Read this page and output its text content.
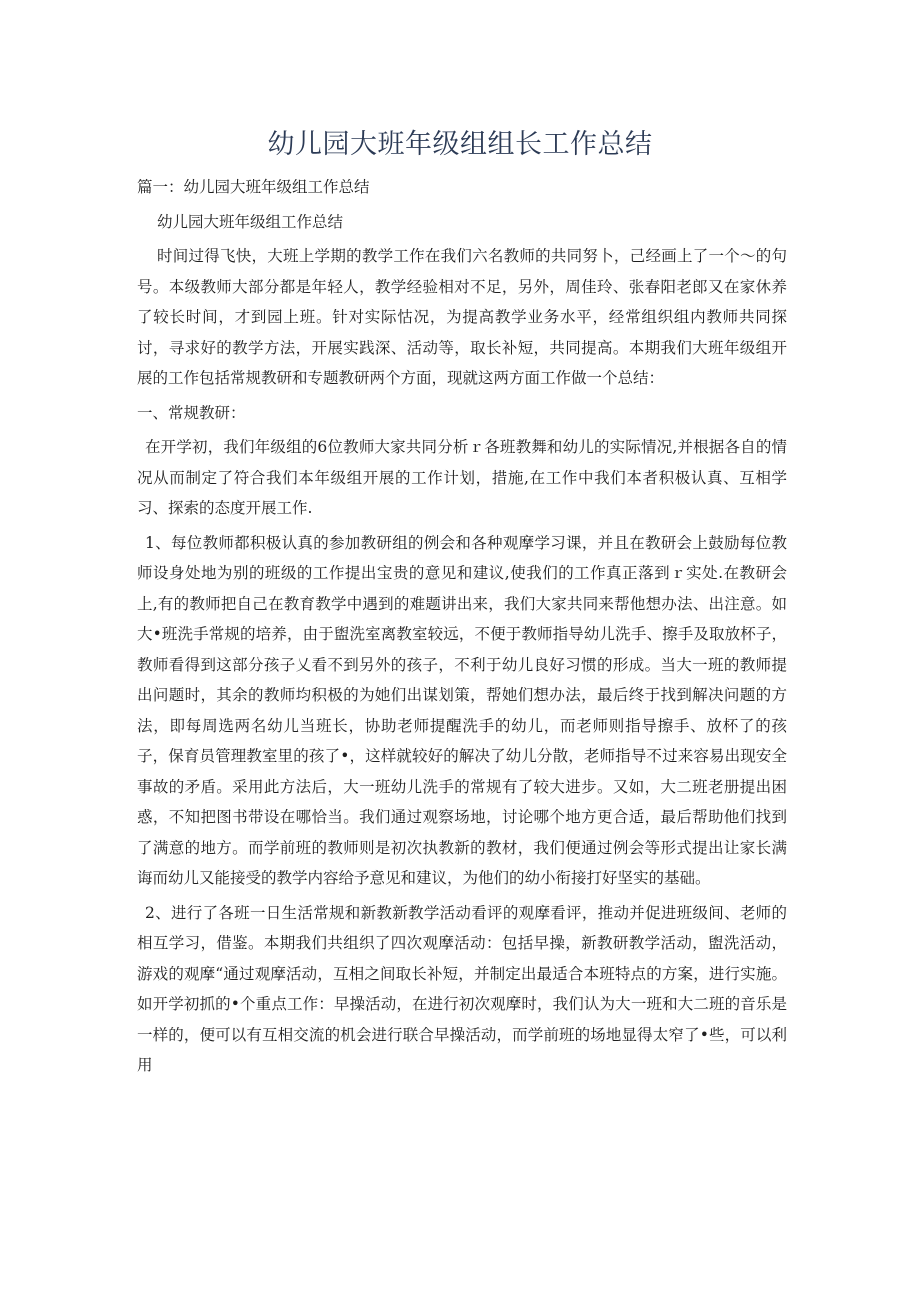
幼儿园大班年级组组长工作总结

篇一：幼儿园大班年级组工作总结

幼儿园大班年级组工作总结

时间过得飞快，大班上学期的教学工作在我们六名教师的共同努卜，己经画上了一个～的句号。本级教师大部分都是年轻人，教学经验相对不足，另外，周佳玲、张春阳老郎又在家休养了较长时间，才到园上班。针对实际怙况，为提高教学业务水平，经常组织组内教师共同探讨，寻求好的教学方法，开展实践深、活动等，取长补短，共同提高。本期我们大班年级组开展的工作包括常规教研和专题教研两个方面，现就这两方面工作做一个总结：

一、常规教研：

在开学初，我们年级组的6位教师大家共同分析ｒ各班教舞和幼儿的实际情况,并根据各自的情况从而制定了符合我们本年级组开展的工作计划，措施,在工作中我们本者积极认真、互相学习、探索的态度开展工作.

1、每位教师都积极认真的参加教研组的例会和各种观摩学习课，并且在教研会上鼓励每位教师设身处地为别的班级的工作提出宝贵的意见和建议,使我们的工作真正落到ｒ实处.在教研会上,有的教师把自己在教育教学中遇到的难题讲出来，我们大家共同来帮他想办法、出注意。如大•班洗手常规的培养，由于盥洗室离教室较远，不便于教师指导幼儿洗手、擦手及取放杯子，教师看得到这部分孩子乂看不到另外的孩子，不利于幼儿良好习惯的形成。当大一班的教师提出问题时，其余的教师均积极的为她们出谋划策，帮她们想办法，最后终于找到解决问题的方法，即每周选两名幼儿当班长，协助老师提醒洗手的幼儿，而老师则指导擦手、放杯了的孩子，保育员管理教室里的孩了•，这样就较好的解决了幼儿分散，老师指导不过来容易出现安全事故的矛盾。采用此方法后，大一班幼儿洗手的常规有了较大进步。又如，大二班老册提出困惑，不知把图书带设在哪恰当。我们通过观察场地，讨论哪个地方更合适，最后帮助他们找到了满意的地方。而学前班的教师则是初次执教新的教材，我们便通过例会等形式提出让家长满诲而幼儿又能接受的教学内容给予意见和建议，为他们的幼小衔接打好坚实的基础。

2、进行了各班一日生活常规和新教新教学活动看评的观摩看评，推动并促进班级间、老师的相互学习，借鉴。本期我们共组织了四次观摩活动：包括早操，新教研教学活动，盥洗活动，游戏的观摩“通过观摩活动，互相之间取长补短，并制定出最适合本班特点的方案，进行实施。如开学初抓的•个重点工作：早操活动，在进行初次观摩时，我们认为大一班和大二班的音乐是一样的，便可以有互相交流的机会进行联合早操活动，而学前班的场地显得太窄了•些，可以利用
